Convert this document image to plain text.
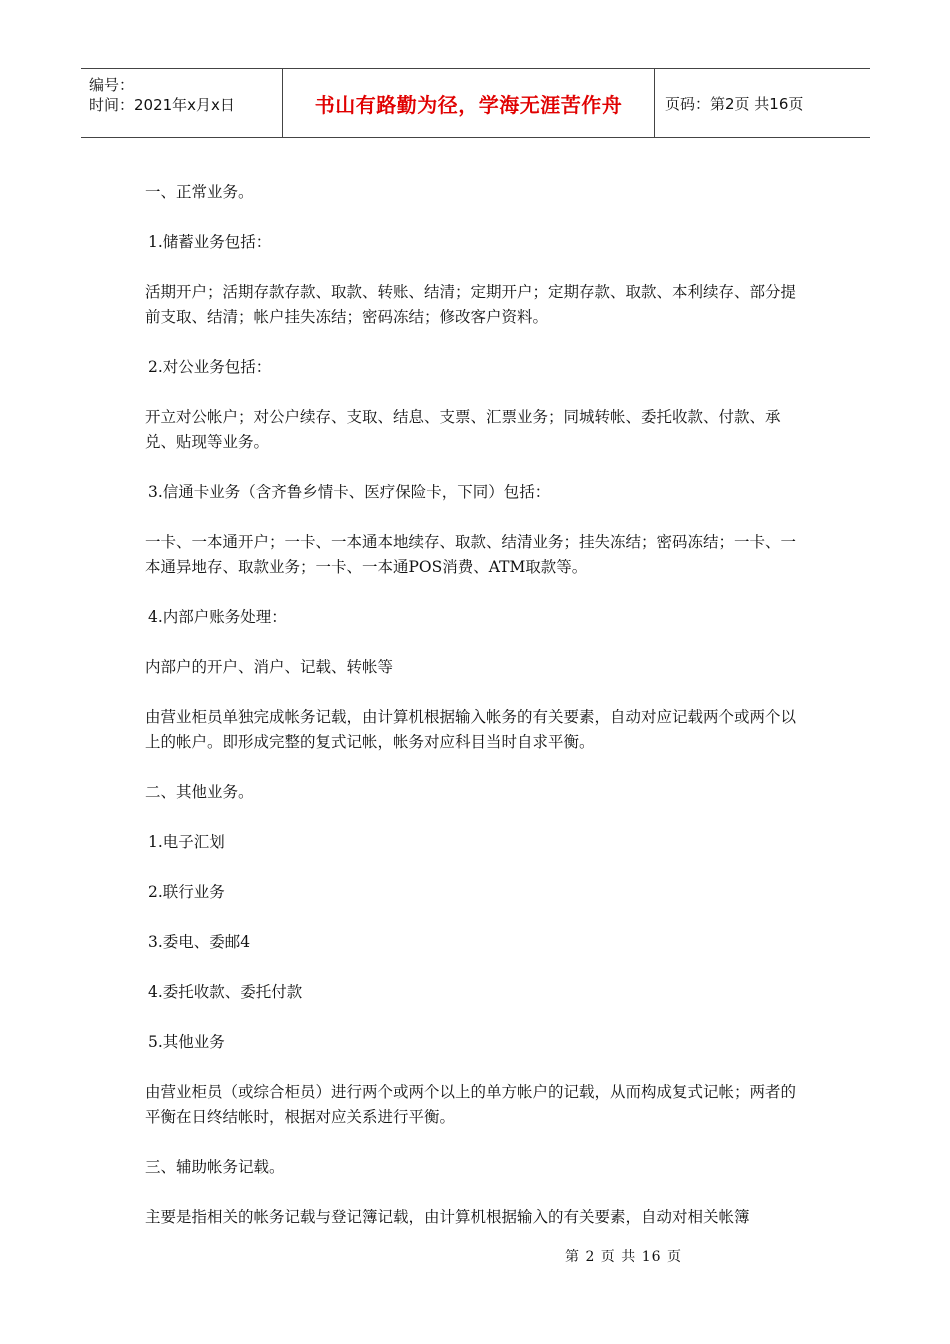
编号：
时间：2021年x月x日	书山有路勤为径，学海无涯苦作舟	页码：第2页 共16页

一、正常业务。

1.储蓄业务包括：

活期开户；活期存款存款、取款、转账、结清；定期开户；定期存款、取款、本利续存、部分提前支取、结清；帐户挂失冻结；密码冻结；修改客户资料。

2.对公业务包括：

开立对公帐户；对公户续存、支取、结息、支票、汇票业务；同城转帐、委托收款、付款、承兑、贴现等业务。

3.信通卡业务（含齐鲁乡情卡、医疗保险卡，下同）包括：

一卡、一本通开户；一卡、一本通本地续存、取款、结清业务；挂失冻结；密码冻结；一卡、一本通异地存、取款业务；一卡、一本通POS消费、ATM取款等。

4.内部户账务处理：

内部户的开户、消户、记载、转帐等

由营业柜员单独完成帐务记载，由计算机根据输入帐务的有关要素，自动对应记载两个或两个以上的帐户。即形成完整的复式记帐，帐务对应科目当时自求平衡。

二、其他业务。

1.电子汇划

2.联行业务

3.委电、委邮4

4.委托收款、委托付款

5.其他业务

由营业柜员（或综合柜员）进行两个或两个以上的单方帐户的记载，从而构成复式记帐；两者的平衡在日终结帐时，根据对应关系进行平衡。

三、辅助帐务记载。

主要是指相关的帐务记载与登记簿记载，由计算机根据输入的有关要素，自动对相关帐簿

第 2 页 共 16 页
